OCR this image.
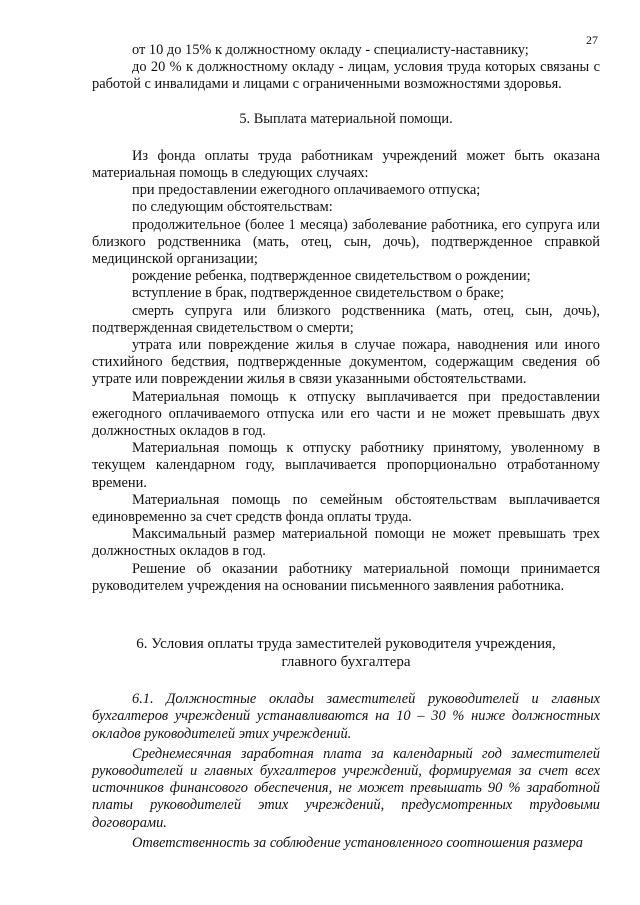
27

от 10 до 15% к должностному окладу - специалисту-наставнику;

до 20 % к должностному окладу - лицам, условия труда которых связаны с работой с инвалидами и лицами с ограниченными возможностями здоровья.

5. Выплата материальной помощи.

Из фонда оплаты труда работникам учреждений может быть оказана материальная помощь в следующих случаях:

при предоставлении ежегодного оплачиваемого отпуска;

по следующим обстоятельствам:

продолжительное (более 1 месяца) заболевание работника, его супруга или близкого родственника (мать, отец, сын, дочь), подтвержденное справкой медицинской организации;

рождение ребенка, подтвержденное свидетельством о рождении;

вступление в брак, подтвержденное свидетельством о браке;

смерть супруга или близкого родственника (мать, отец, сын, дочь), подтвержденная свидетельством о смерти;

утрата или повреждение жилья в случае пожара, наводнения или иного стихийного бедствия, подтвержденные документом, содержащим сведения об утрате или повреждении жилья в связи указанными обстоятельствами.

Материальная помощь к отпуску выплачивается при предоставлении ежегодного оплачиваемого отпуска или его части и не может превышать двух должностных окладов в год.

Материальная помощь к отпуску работнику принятому, уволенному в текущем календарном году, выплачивается пропорционально отработанному времени.

Материальная помощь по семейным обстоятельствам выплачивается единовременно за счет средств фонда оплаты труда.

Максимальный размер материальной помощи не может превышать трех должностных окладов в год.

Решение об оказании работнику материальной помощи принимается руководителем учреждения на основании письменного заявления работника.

6. Условия оплаты труда заместителей руководителя учреждения,
главного бухгалтера

6.1. Должностные оклады заместителей руководителей и главных бухгалтеров учреждений устанавливаются на 10 – 30 % ниже должностных окладов руководителей этих учреждений.

Среднемесячная заработная плата за календарный год заместителей руководителей и главных бухгалтеров учреждений, формируемая за счет всех источников финансового обеспечения, не может превышать 90 % заработной платы руководителей этих учреждений, предусмотренных трудовыми договорами.

Ответственность за соблюдение установленного соотношения размера
